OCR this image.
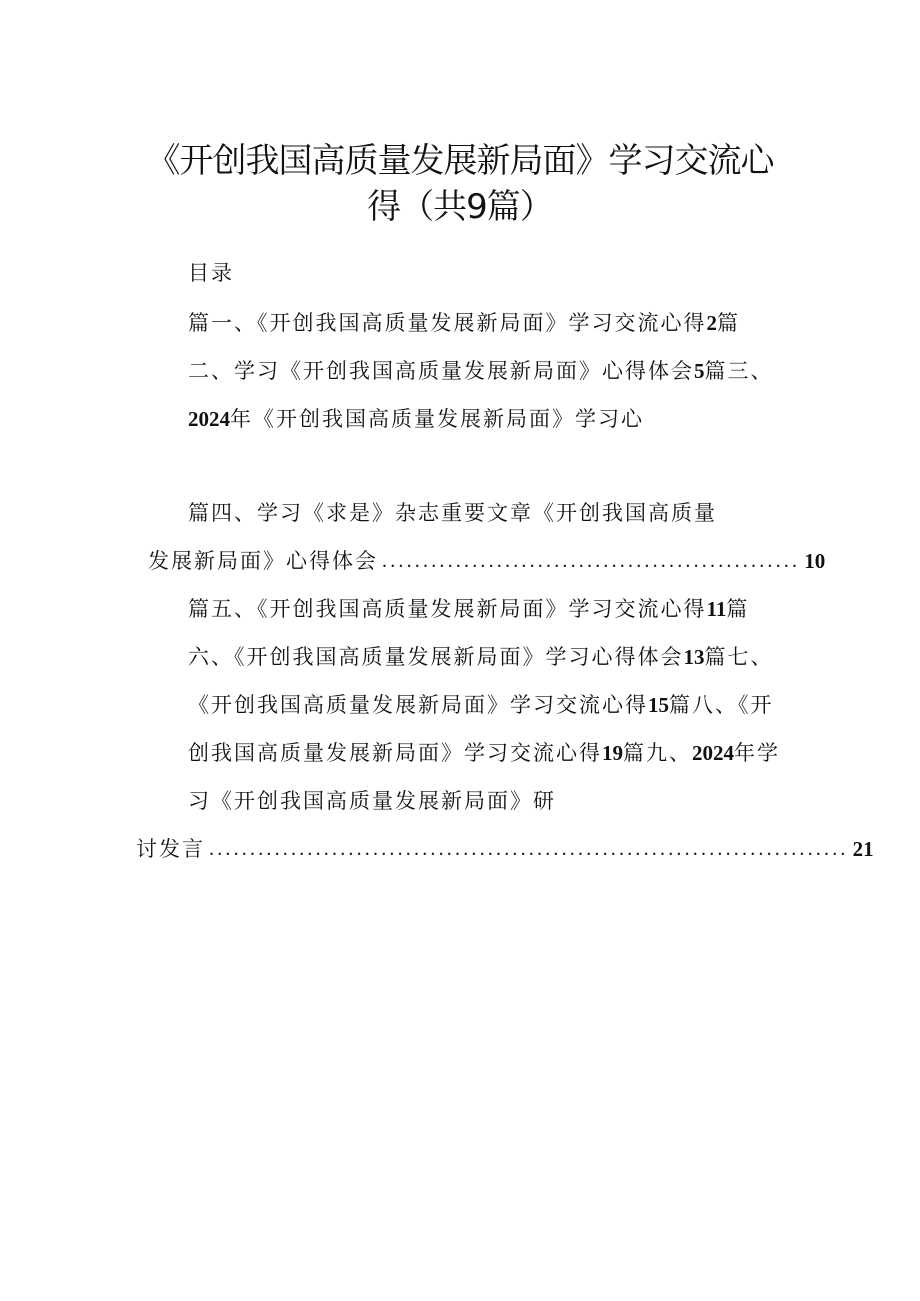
《开创我国高质量发展新局面》学习交流心
得（共9篇）
目录
篇一、《开创我国高质量发展新局面》学习交流心得2篇
二、学习《开创我国高质量发展新局面》心得体会5篇三、
2024年《开创我国高质量发展新局面》学习心
篇四、学习《求是》杂志重要文章《开创我国高质量
发展新局面》心得体会 ................................................... 10
篇五、《开创我国高质量发展新局面》学习交流心得11篇
六、《开创我国高质量发展新局面》学习心得体会13篇七、
《开创我国高质量发展新局面》学习交流心得15篇八、《开
创我国高质量发展新局面》学习交流心得19篇九、2024年学
习《开创我国高质量发展新局面》研
讨发言 .............................................................................. 21
